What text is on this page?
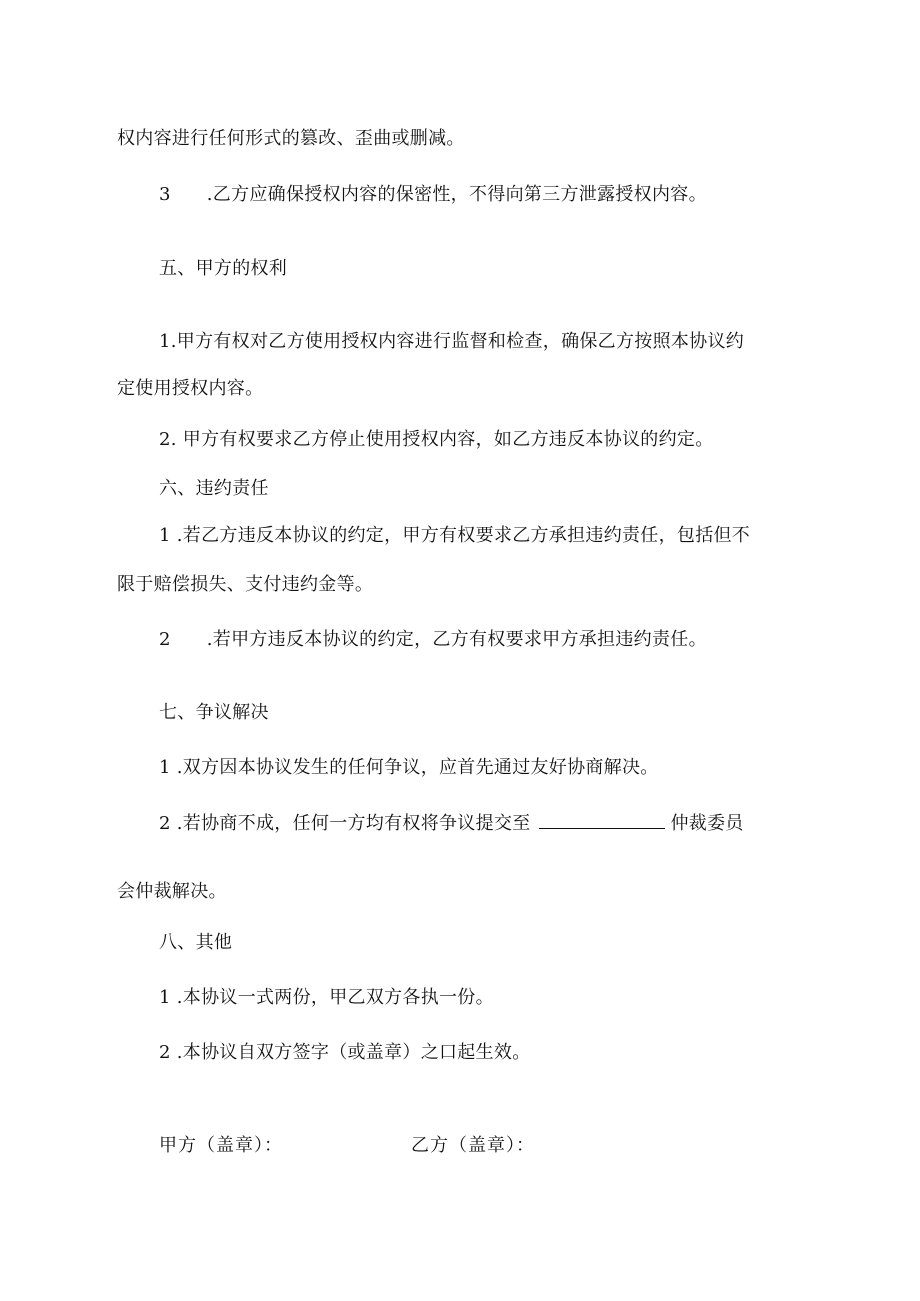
权内容进行任何形式的篡改、歪曲或删减。
3 .乙方应确保授权内容的保密性，不得向第三方泄露授权内容。
五、甲方的权利
1.甲方有权对乙方使用授权内容进行监督和检查，确保乙方按照本协议约
定使用授权内容。
2. 甲方有权要求乙方停止使用授权内容，如乙方违反本协议的约定。
六、违约责任
1 .若乙方违反本协议的约定，甲方有权要求乙方承担违约责任，包括但不
限于赔偿损失、支付违约金等。
2 .若甲方违反本协议的约定，乙方有权要求甲方承担违约责任。
七、争议解决
1 .双方因本协议发生的任何争议，应首先通过友好协商解决。
2 .若协商不成，任何一方均有权将争议提交至	仲裁委员
会仲裁解决。
八、其他
1 .本协议一式两份，甲乙双方各执一份。
2 .本协议自双方签字（或盖章）之口起生效。
甲方（盖章）：	乙方（盖章）：
